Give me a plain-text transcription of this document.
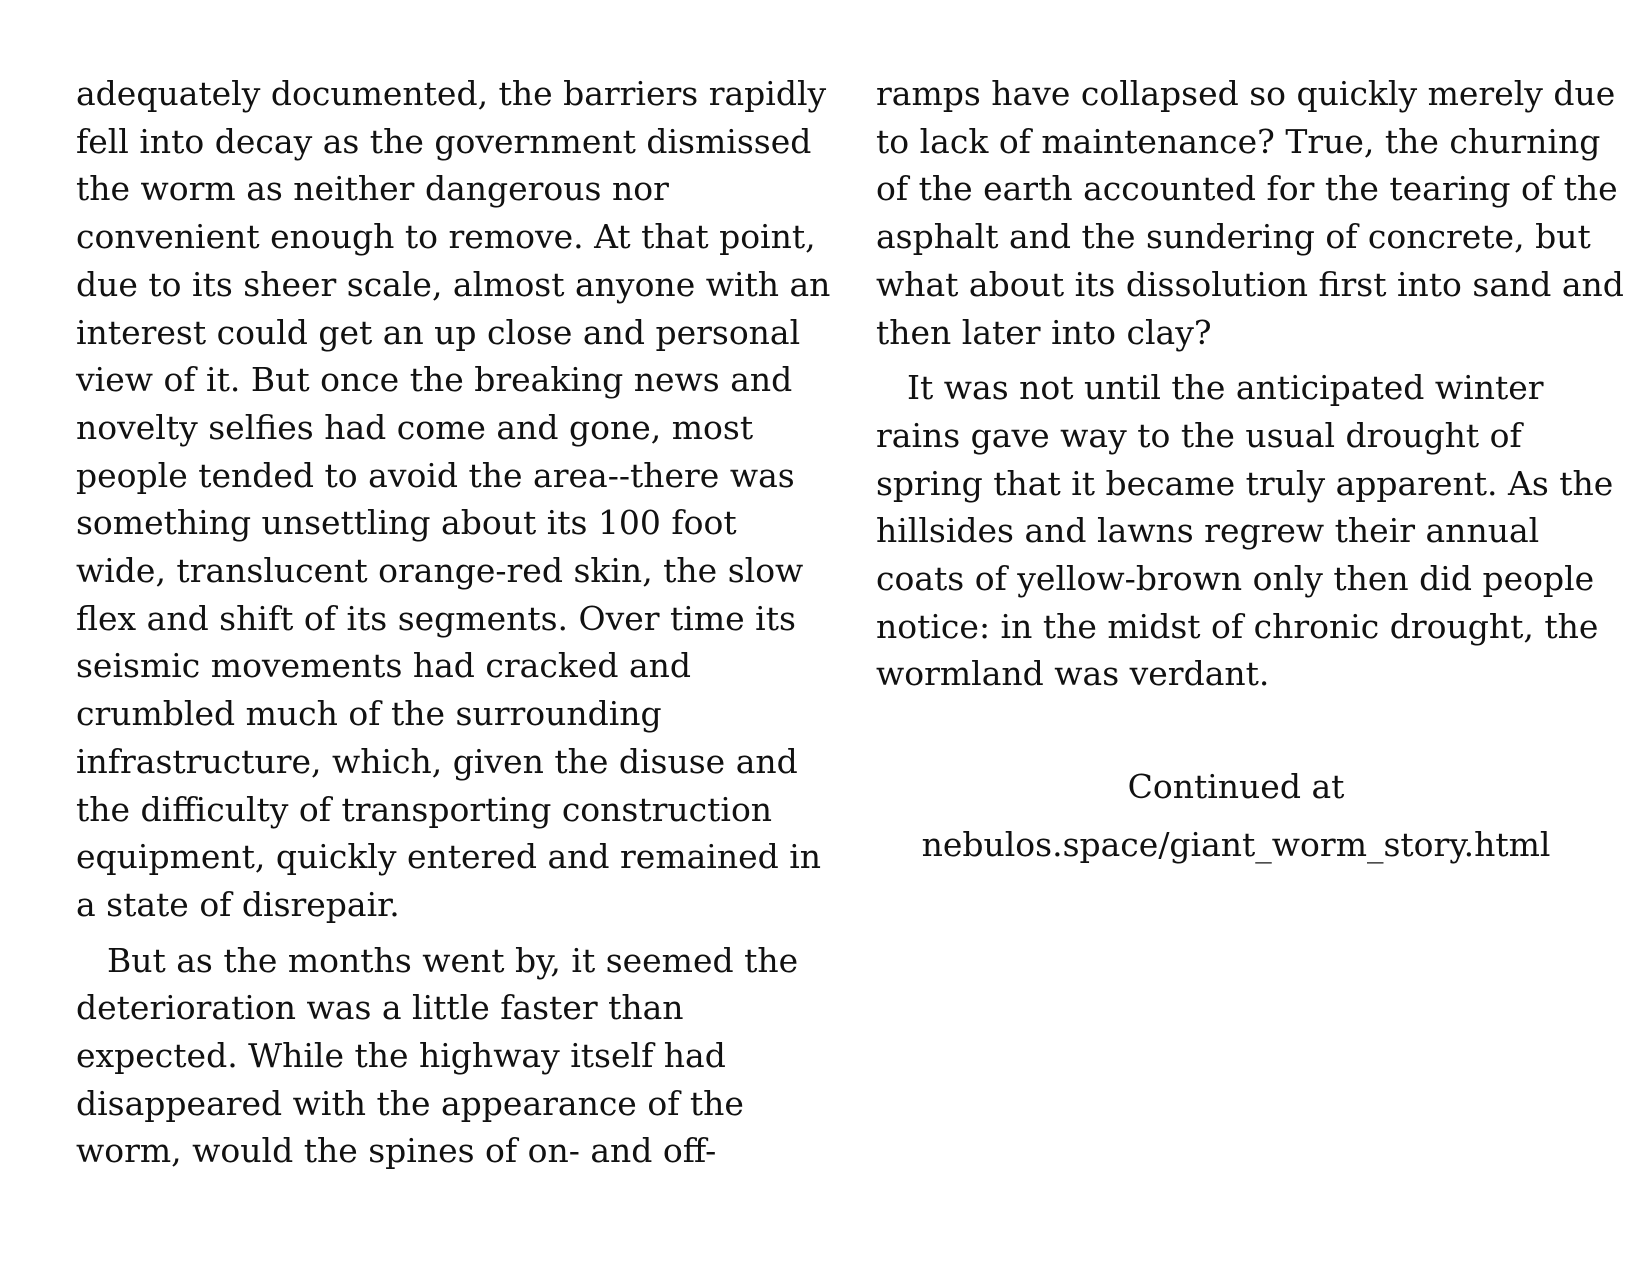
adequately documented, the barriers rapidly
fell into decay as the government dismissed
the worm as neither dangerous nor
convenient enough to remove. At that point,
due to its sheer scale, almost anyone with an
interest could get an up close and personal
view of it. But once the breaking news and
novelty selfies had come and gone, most
people tended to avoid the area--there was
something unsettling about its 100 foot
wide, translucent orange-red skin, the slow
flex and shift of its segments. Over time its
seismic movements had cracked and
crumbled much of the surrounding
infrastructure, which, given the disuse and
the difficulty of transporting construction
equipment, quickly entered and remained in
a state of disrepair.
But as the months went by, it seemed the
deterioration was a little faster than
expected. While the highway itself had
disappeared with the appearance of the
worm, would the spines of on- and off-
ramps have collapsed so quickly merely due
to lack of maintenance? True, the churning
of the earth accounted for the tearing of the
asphalt and the sundering of concrete, but
what about its dissolution first into sand and
then later into clay?
It was not until the anticipated winter
rains gave way to the usual drought of
spring that it became truly apparent. As the
hillsides and lawns regrew their annual
coats of yellow-brown only then did people
notice: in the midst of chronic drought, the
wormland was verdant.
Continued at
nebulos.space/giant_worm_story.html
